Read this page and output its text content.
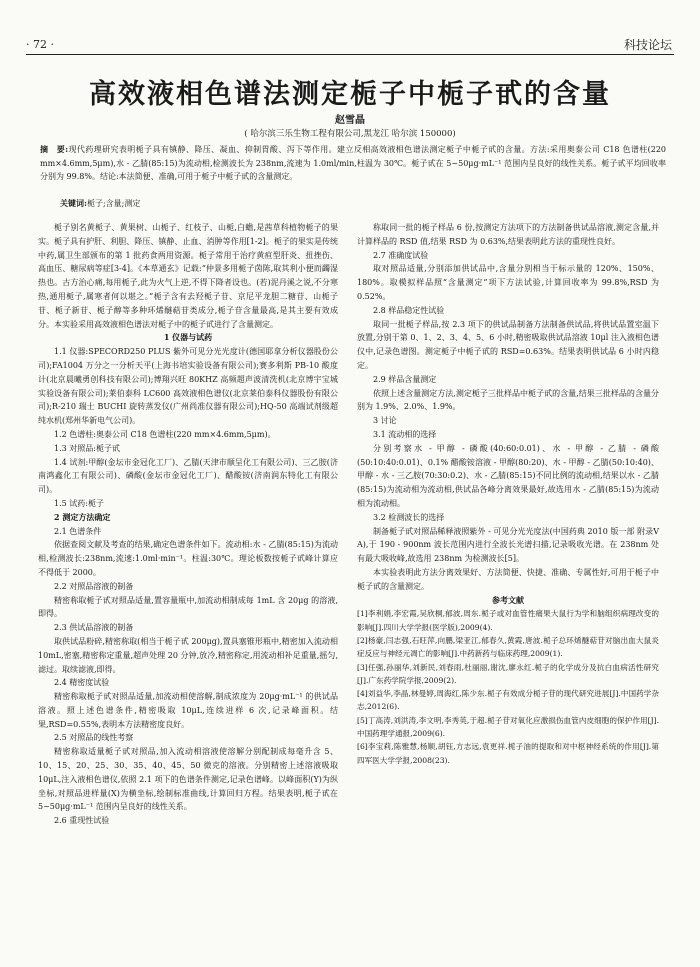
· 72 ·	科技论坛
高效液相色谱法测定栀子中栀子甙的含量
赵雪晶
( 哈尔滨三乐生物工程有限公司,黑龙江 哈尔滨 150000)
摘　要:现代药理研究表明栀子具有镇静、降压、凝血、抑制胃酸、泻下等作用。建立反相高效液相色谱法测定栀子中栀子甙的含量。方法:采用奥泰公司 C18 色谱柱(220 mm×4.6mm,5μm),水 - 乙腈(85:15)为流动相,检测波长为 238nm,流速为 1.0ml/min,柱温为 30℃。栀子甙在 5~50μg·mL⁻¹ 范围内呈良好的线性关系。栀子甙平均回收率分别为 99.8%。结论:本法简便、准确,可用于栀子中栀子甙的含量测定。
关键词:栀子;含量;测定

栀子别名黄栀子、黄果树、山栀子、红枝子、山栀,白蟾,是茜草科植物栀子的果实。栀子具有护肝、利胆、降压、镇静、止血、消肿等作用[1-2]。栀子的果实是传统中药,属卫生部颁布的第 1 批药食两用资源。栀子常用于治疗黄疸型肝炎、扭挫伤、高血压、糖尿病等症[3-4]。《本草通玄》记载:“仲景多用栀子茵陈,取其利小便而蠲湿热也。古方治心痛,每用栀子,此为火气上逆,不得下降者设也。(若)泥丹溪之说,不分寒热,通用栀子,属寒者何以堪之。”栀子含有去羟栀子苷、京尼平龙胆二糖苷、山栀子苷、栀子新苷、栀子醇等多种环烯醚萜苷类成分,栀子苷含量最高,是其主要有效成分。本实验采用高效液相色谱法对栀子中的栀子甙进行了含量测定。

1 仪器与试药

1.1 仪器:SPECORD250 PLUS 紫外可见分光光度计(德国耶拿分析仪器股份公司);FA1004 万分之一分析天平(上海书培实验设备有限公司);赛多利斯 PB-10 酸度计(北京晨曦勇创科技有限公司);博翔兴旺 80KHZ 高频超声波清洗机(北京博宇宝城实验设备有限公司);莱伯泰科 LC600 高效液相色谱仪(北京莱伯泰科仪器股份有限公司);R-210 瑞士 BUCHI 旋转蒸发仪(广州尚准仪器有限公司);HQ-50 高端试剂级超纯水机(郑州华新电气公司)。

1.2 色谱柱:奥泰公司 C18 色谱柱(220 mm×4.6mm,5μm)。

1.3 对照品:栀子甙

1.4 试剂:甲醇(金坛市金冠化工厂)、乙腈(天津市顺呈化工有限公司)、三乙胺(济南鸿鑫化工有限公司)、磷酸(金坛市金冠化工厂)、醋酸铵(济南润东特化工有限公司)。

1.5 试药:栀子

2 测定方法确定

2.1 色谱条件

依据查阅文献及考查的结果,确定色谱条件如下。流动相:水 - 乙腈(85:15)为流动相,检测波长:238nm,流速:1.0ml·min⁻¹。柱温:30℃。理论板数按栀子甙峰计算应不得低于 2000。

2.2 对照品溶液的制备

精密称取栀子甙对照品适量,置容量瓶中,加流动相制成每 1mL 含 20μg 的溶液,即得。

2.3 供试品溶液的制备

取供试品粉碎,精密称取(相当于栀子甙 200μg),置具塞锥形瓶中,精密加入流动相 10mL,密塞,精密称定重量,超声处理 20 分钟,放冷,精密称定,用流动相补足重量,摇匀,滤过。取续滤液,即得。

2.4 精密度试验

精密称取栀子甙对照品适量,加流动相使溶解,制成浓度为 20μg·mL⁻¹ 的供试品溶液。照上述色谱条件,精密吸取 10μL,连续进样 6 次,记录峰面积。结果,RSD=0.55%,表明本方法精密度良好。

2.5 对照品的线性考察

精密称取适量栀子甙对照品,加入流动相溶液使溶解分别配制成每毫升含 5、10、15、20、25、30、35、40、45、50 微克的溶液。分别精密上述溶液吸取 10μL,注入液相色谱仪,依照 2.1 项下的色谱条件测定,记录色谱峰。以峰面积(Y)为纵坐标,对照品进样量(X)为横坐标,绘制标准曲线,计算回归方程。结果表明,栀子甙在 5~50μg·mL⁻¹ 范围内呈良好的线性关系。

2.6 重现性试验

称取同一批的栀子样品 6 份,按测定方法项下的方法制备供试品溶液,测定含量,并计算样品的 RSD 值,结果 RSD 为 0.63%,结果表明此方法的重现性良好。

2.7 准确度试验

取对照品适量,分别添加供试品中,含量分别相当于标示量的 120%、150%、180%。取模拟样品照“含量测定”项下方法试验,计算回收率为 99.8%,RSD 为 0.52%。

2.8 样品稳定性试验

取同一批栀子样品,按 2.3 项下的供试品制备方法制备供试品,将供试品置室温下放置,分别于第 0、1、2、3、4、5、6 小时,精密吸取供试品溶液 10μl 注入液相色谱仪中,记录色谱图。测定栀子中栀子甙的 RSD=0.63%。结果表明供试品 6 小时内稳定。

2.9 样品含量测定

依照上述含量测定方法,测定栀子三批样品中栀子甙的含量,结果三批样品的含量分别为 1.9%、2.0%、1.9%。

3 讨论

3.1 流动相的选择

分别考察水 - 甲醇 - 磷酸(40:60:0.01)、水 - 甲醇 - 乙腈 - 磷酸(50:10:40:0.01)、0.1% 醋酸铵溶液 - 甲醇(80:20)、水 - 甲醇 - 乙腈(50:10:40)、甲醇 - 水 - 三乙胺(70:30:0.2)、水 - 乙腈(85:15)不同比例的流动相,结果以水 - 乙腈(85:15)为流动相为流动相,供试品各峰分离效果最好,故选用水 - 乙腈(85:15)为流动相为流动相。

3.2 检测波长的选择

制备栀子甙对照品稀释液照紫外 - 可见分光光度法(中国药典 2010 版一部 附录Ⅴ A),于 190 - 900nm 波长范围内进行全波长光谱扫描,记录吸收光谱。在 238nm 处有最大吸收峰,故选用 238nm 为检测波长[5]。

本实验表明此方法分离效果好、方法简便、快捷、准确、专属性好,可用于栀子中栀子甙的含量测定。

参考文献

[1]李利娟,李宏霞,吴欣桐,郁波,周东.栀子或对血管性痛果大鼠行为学和脑组织病理改变的影响[J].四川大学学报(医学版),2009(4).

[2]杨豪,闫志强,石旺萍,向鹏,梁亚江,郁春久,黄霞,唐波.栀子总环烯醚萜苷对脑出血大鼠炎症反应与神经元凋亡的影响[J].中药新药与临床药理,2009(1).

[3]任强,孙丽华,刘新民,刘春雨,杜丽丽,谢沈,廖永红.栀子的化学成分及抗白血病活性研究[J].广东药学院学报,2009(2).

[4]刘益华,李晶,林曼婷,周海红,陈少东.栀子有效成分栀子苷的现代研究进展[J].中国药学杂志,2012(6).

[5]丁高涛,刘洪涛,李文明,李秀英,于超.栀子苷对氧化应激损伤血管内皮细胞的保护作用[J].中国药理学通报,2009(6).

[6]李宝莉,陈雅慧,杨顺,胡钰,方志远,袁更祥.栀子油的提取和对中枢神经系统的作用[J].第四军医大学学报,2008(23).
